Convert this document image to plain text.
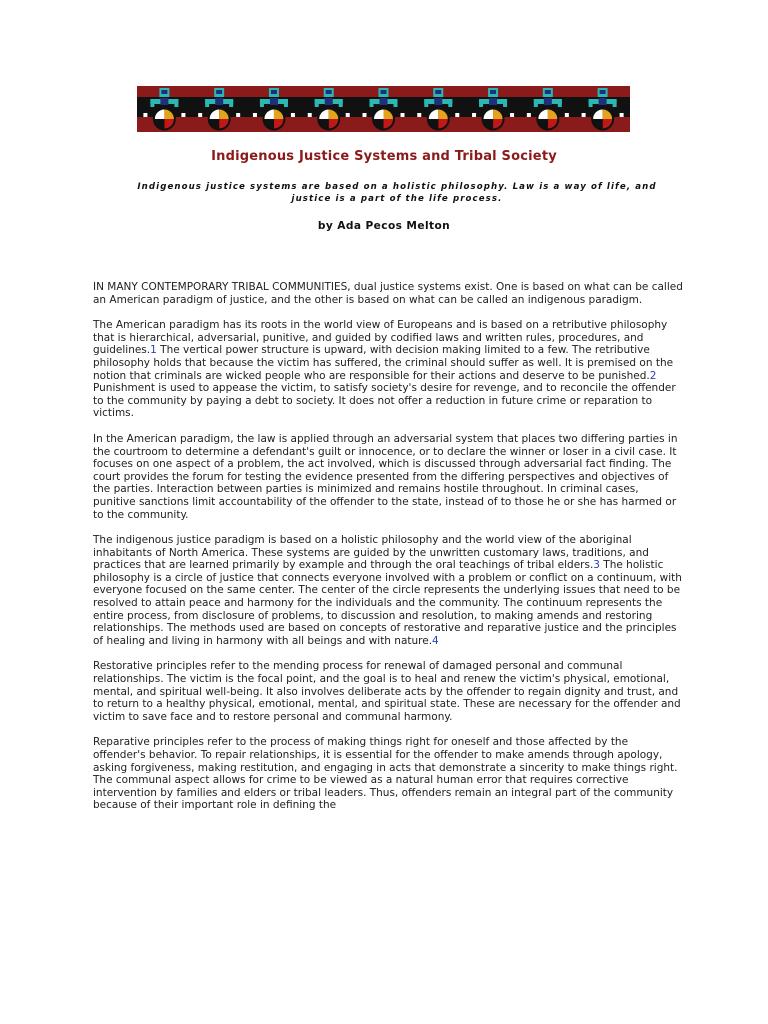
Indigenous Justice Systems and Tribal Society
Indigenous justice systems are based on a holistic philosophy. Law is a way of life, and justice is a part of the life process.
by Ada Pecos Melton

IN MANY CONTEMPORARY TRIBAL COMMUNITIES, dual justice systems exist. One is based on what can be called an American paradigm of justice, and the other is based on what can be called an indigenous paradigm.

The American paradigm has its roots in the world view of Europeans and is based on a retributive philosophy that is hierarchical, adversarial, punitive, and guided by codified laws and written rules, procedures, and guidelines.1 The vertical power structure is upward, with decision making limited to a few. The retributive philosophy holds that because the victim has suffered, the criminal should suffer as well. It is premised on the notion that criminals are wicked people who are responsible for their actions and deserve to be punished.2 Punishment is used to appease the victim, to satisfy society's desire for revenge, and to reconcile the offender to the community by paying a debt to society. It does not offer a reduction in future crime or reparation to victims.

In the American paradigm, the law is applied through an adversarial system that places two differing parties in the courtroom to determine a defendant's guilt or innocence, or to declare the winner or loser in a civil case. It focuses on one aspect of a problem, the act involved, which is discussed through adversarial fact finding. The court provides the forum for testing the evidence presented from the differing perspectives and objectives of the parties. Interaction between parties is minimized and remains hostile throughout. In criminal cases, punitive sanctions limit accountability of the offender to the state, instead of to those he or she has harmed or to the community.

The indigenous justice paradigm is based on a holistic philosophy and the world view of the aboriginal inhabitants of North America. These systems are guided by the unwritten customary laws, traditions, and practices that are learned primarily by example and through the oral teachings of tribal elders.3 The holistic philosophy is a circle of justice that connects everyone involved with a problem or conflict on a continuum, with everyone focused on the same center. The center of the circle represents the underlying issues that need to be resolved to attain peace and harmony for the individuals and the community. The continuum represents the entire process, from disclosure of problems, to discussion and resolution, to making amends and restoring relationships. The methods used are based on concepts of restorative and reparative justice and the principles of healing and living in harmony with all beings and with nature.4

Restorative principles refer to the mending process for renewal of damaged personal and communal relationships. The victim is the focal point, and the goal is to heal and renew the victim's physical, emotional, mental, and spiritual well-being. It also involves deliberate acts by the offender to regain dignity and trust, and to return to a healthy physical, emotional, mental, and spiritual state. These are necessary for the offender and victim to save face and to restore personal and communal harmony.

Reparative principles refer to the process of making things right for oneself and those affected by the offender's behavior. To repair relationships, it is essential for the offender to make amends through apology, asking forgiveness, making restitution, and engaging in acts that demonstrate a sincerity to make things right. The communal aspect allows for crime to be viewed as a natural human error that requires corrective intervention by families and elders or tribal leaders. Thus, offenders remain an integral part of the community because of their important role in defining the
